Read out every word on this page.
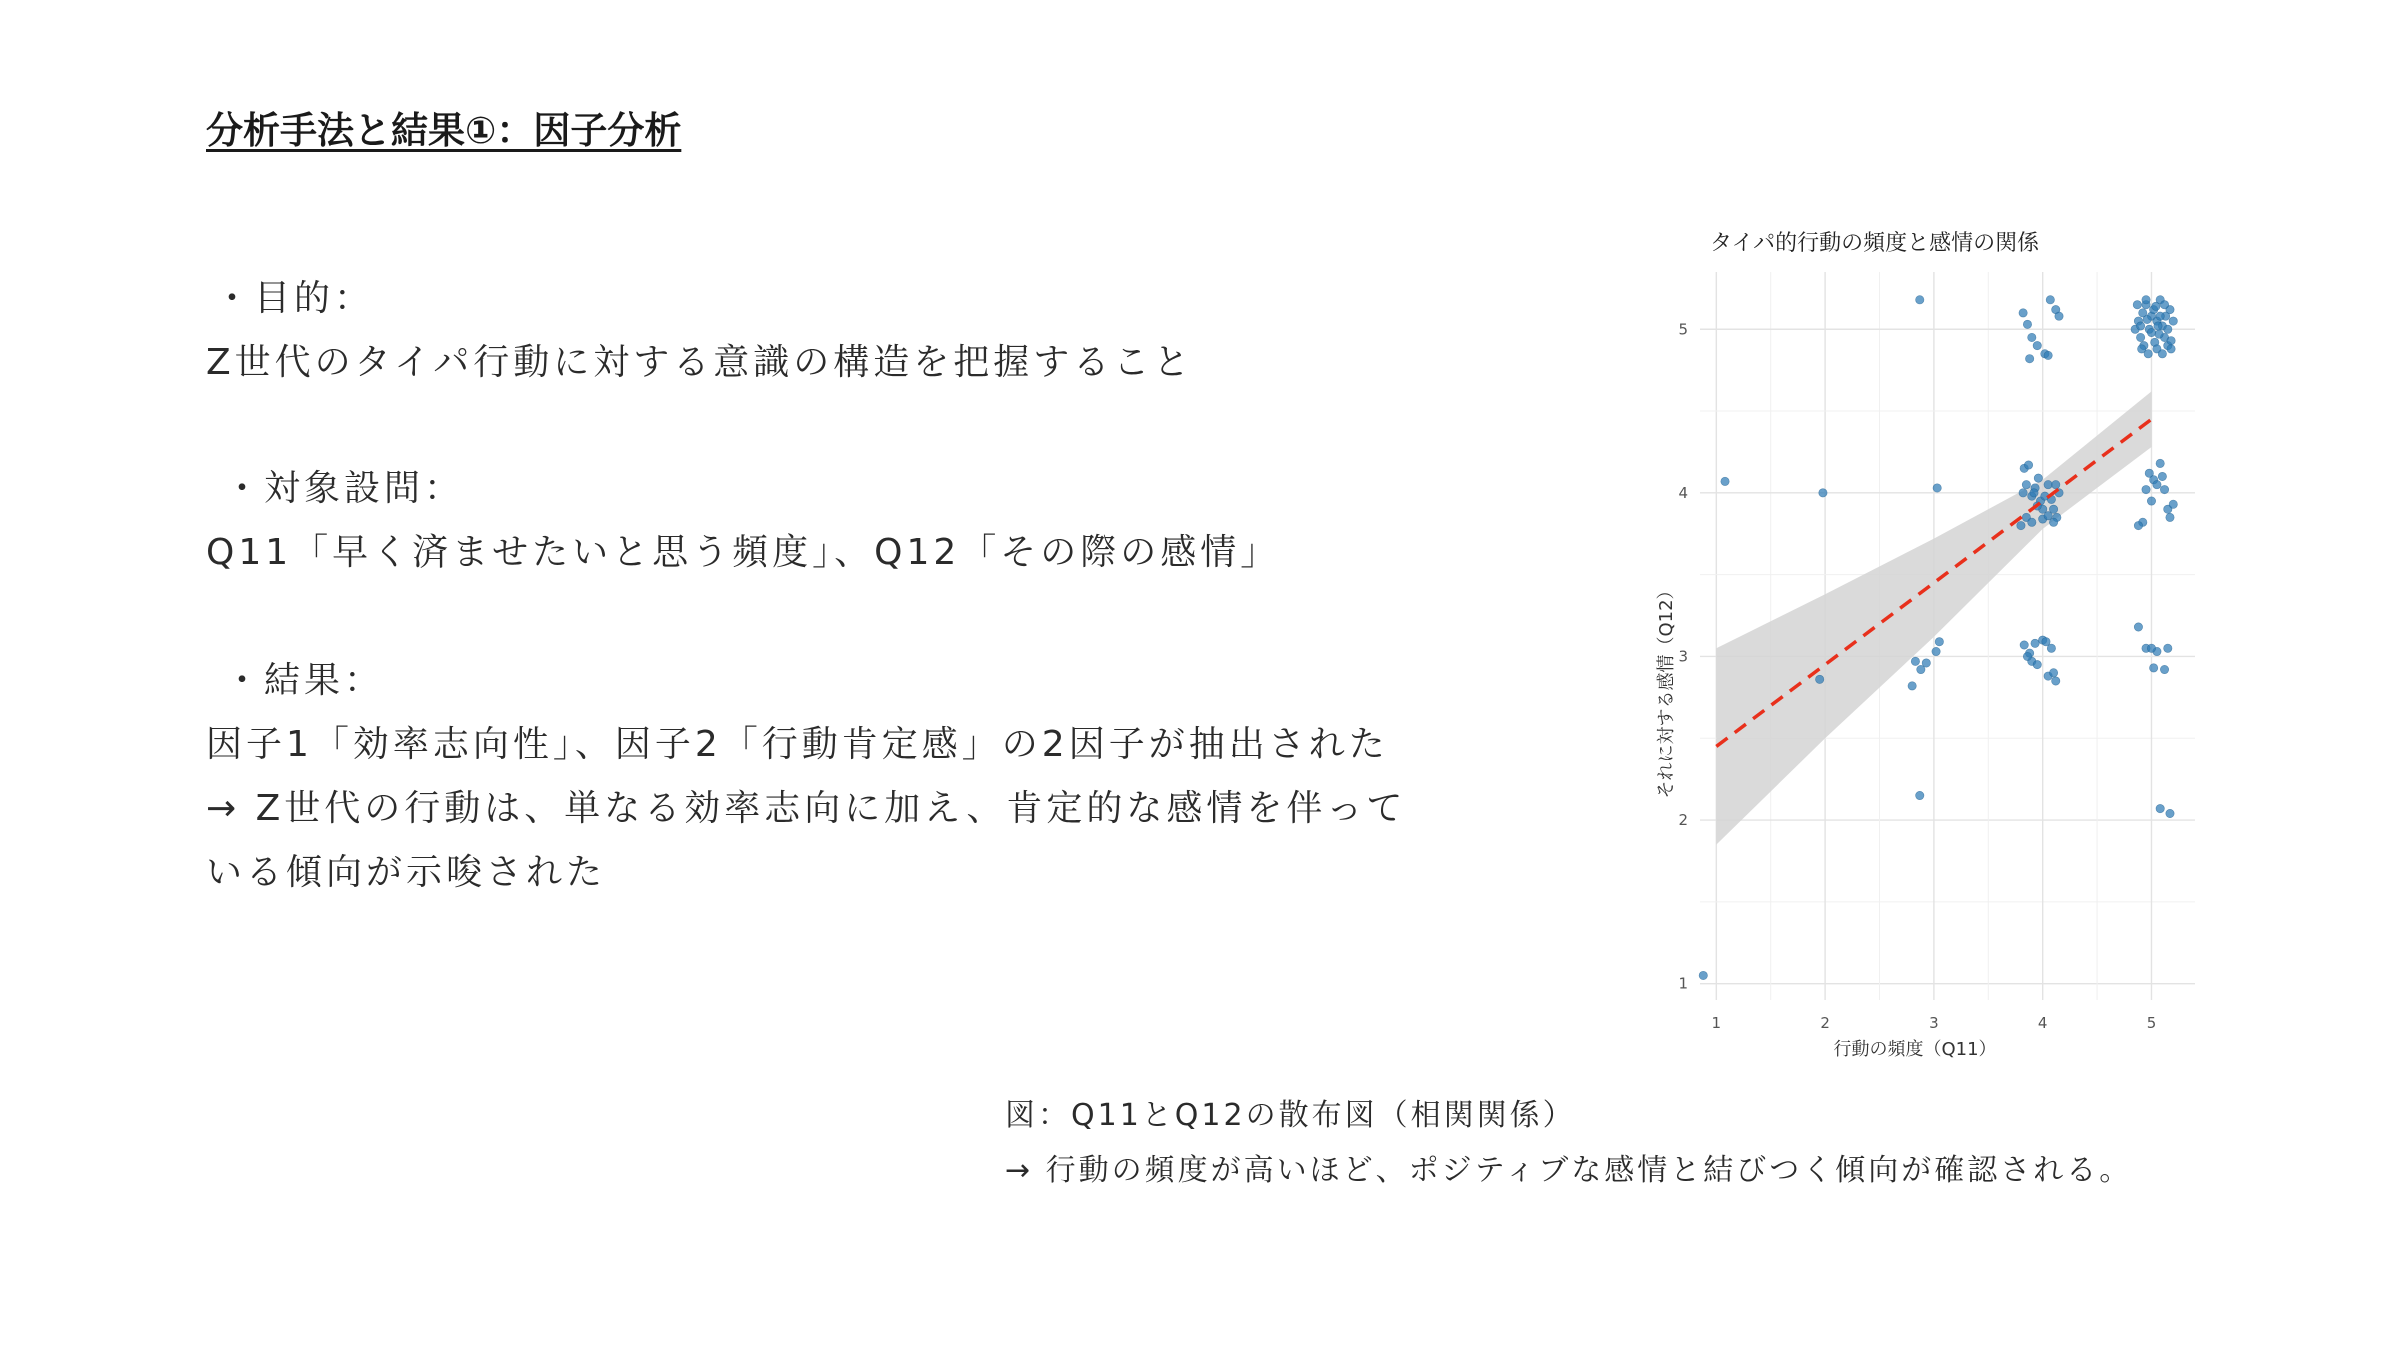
分析手法と結果①：因子分析
・目的：
Z世代のタイパ行動に対する意識の構造を把握すること
・対象設問：
Q11「早く済ませたいと思う頻度」、Q12「その際の感情」
・結果：
因子1「効率志向性」、因子2「行動肯定感」の2因子が抽出された
→ Z世代の行動は、単なる効率志向に加え、肯定的な感情を伴って
いる傾向が示唆された
タイパ的行動の頻度と感情の関係
1	2	3	4	5
1
2
3
4
5
行動の頻度（Q11）
それに対する感情（Q12）
図：Q11とQ12の散布図（相関関係）
→ 行動の頻度が高いほど、ポジティブな感情と結びつく傾向が確認される。
